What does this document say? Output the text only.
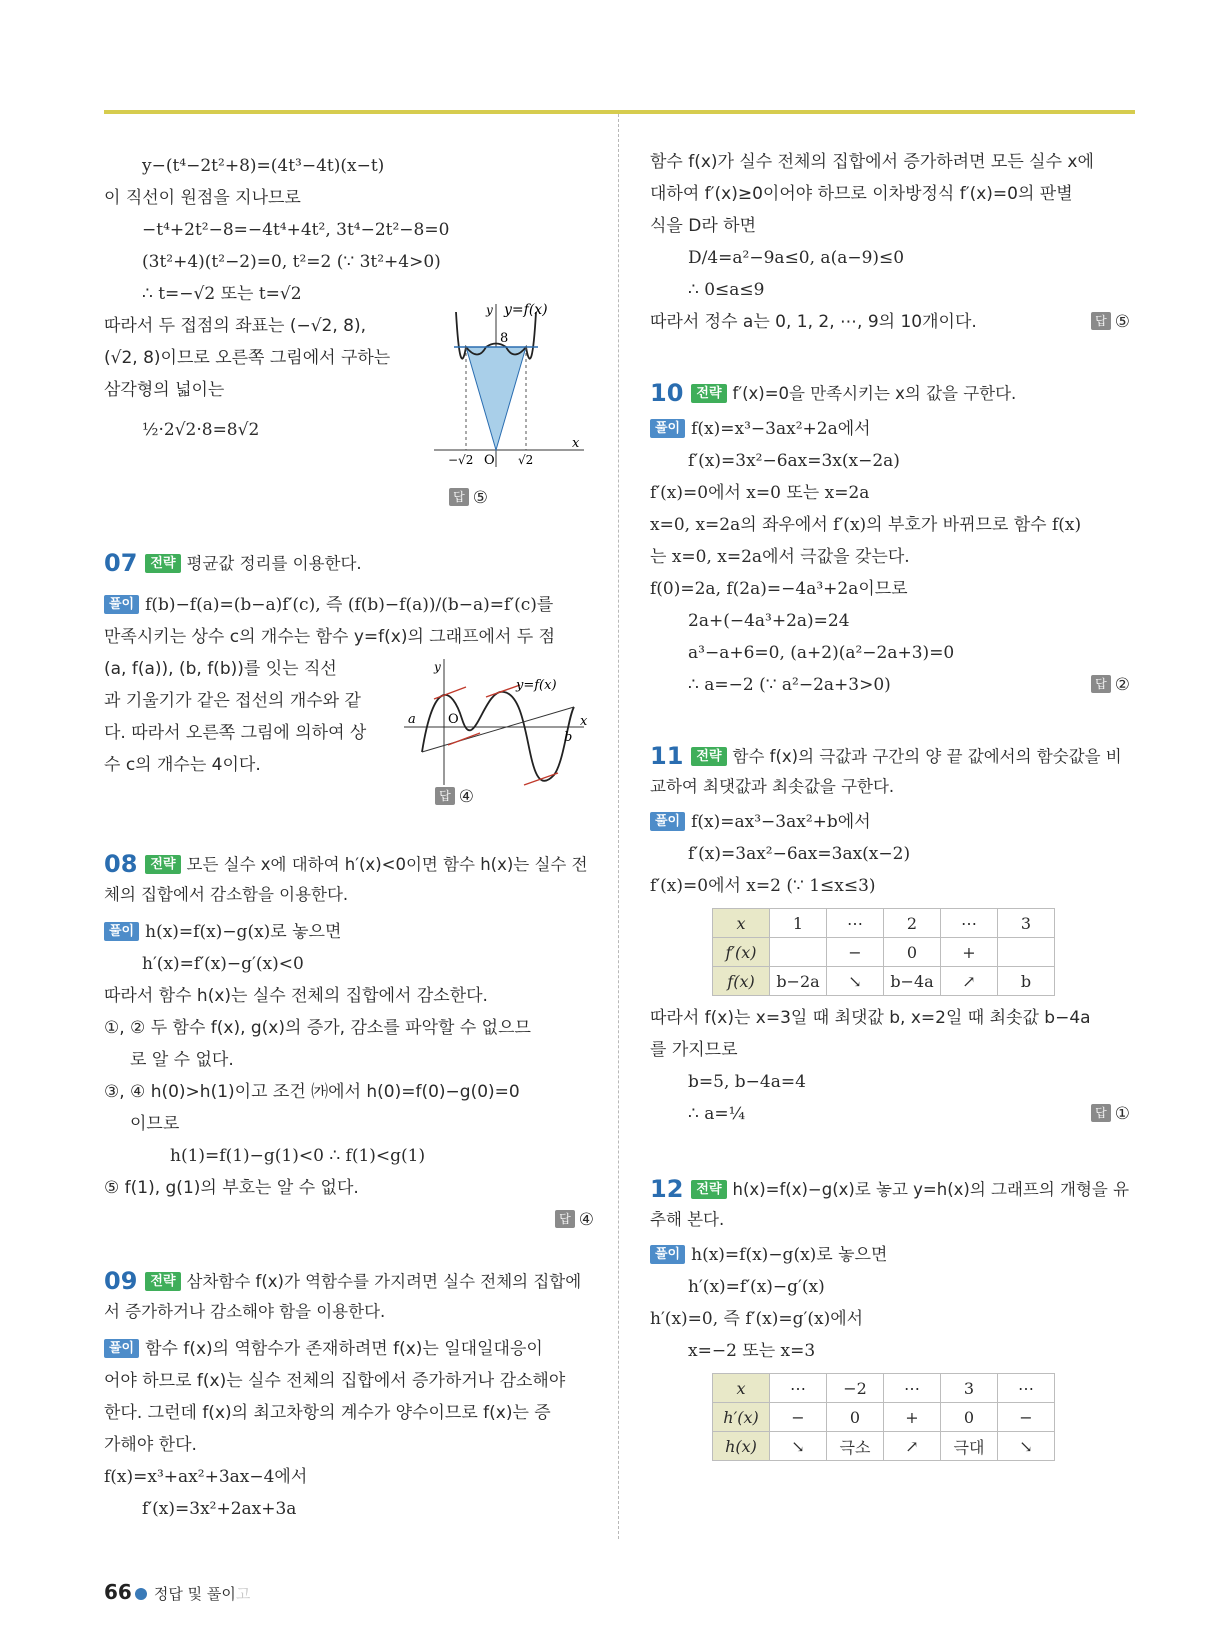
y−(t⁴−2t²+8)=(4t³−4t)(x−t)
이 직선이 원점을 지나므로
−t⁴+2t²−8=−4t⁴+4t², 3t⁴−2t²−8=0
(3t²+4)(t²−2)=0, t²=2 (∵ 3t²+4>0)
∴ t=−√2 또는 t=√2
따라서 두 접점의 좌표는 (−√2, 8),
(√2, 8)이므로 오른쪽 그림에서 구하는
삼각형의 넓이는
½·2√2·8=8√2
8
y y=f(x)
x
O
−√2	√2
답 ⑤
07 전략 평균값 정리를 이용한다.
풀이 f(b)−f(a)=(b−a)f′(c), 즉 (f(b)−f(a))/(b−a)=f′(c)를
만족시키는 상수 c의 개수는 함수 y=f(x)의 그래프에서 두 점
(a, f(a)), (b, f(b))를 잇는 직선
과 기울기가 같은 접선의 개수와 같
다. 따라서 오른쪽 그림에 의하여 상
수 c의 개수는 4이다.
y
y=f(x)
a O
b
x
답 ④
08 전략 모든 실수 x에 대하여 h′(x)<0이면 함수 h(x)는 실수 전체의 집합에서 감소함을 이용한다.
풀이 h(x)=f(x)−g(x)로 놓으면
h′(x)=f′(x)−g′(x)<0
따라서 함수 h(x)는 실수 전체의 집합에서 감소한다.
①, ② 두 함수 f(x), g(x)의 증가, 감소를 파악할 수 없으므
로 알 수 없다.
③, ④ h(0)>h(1)이고 조건 ㈎에서 h(0)=f(0)−g(0)=0
이므로
h(1)=f(1)−g(1)<0 ∴ f(1)<g(1)
⑤ f(1), g(1)의 부호는 알 수 없다.
답 ④
09 전략 삼차함수 f(x)가 역함수를 가지려면 실수 전체의 집합에서 증가하거나 감소해야 함을 이용한다.
풀이 함수 f(x)의 역함수가 존재하려면 f(x)는 일대일대응이
어야 하므로 f(x)는 실수 전체의 집합에서 증가하거나 감소해야
한다. 그런데 f(x)의 최고차항의 계수가 양수이므로 f(x)는 증
가해야 한다.
f(x)=x³+ax²+3ax−4에서
f′(x)=3x²+2ax+3a
함수 f(x)가 실수 전체의 집합에서 증가하려면 모든 실수 x에
대하여 f′(x)≥0이어야 하므로 이차방정식 f′(x)=0의 판별
식을 D라 하면
D/4=a²−9a≤0, a(a−9)≤0
∴ 0≤a≤9
따라서 정수 a는 0, 1, 2, ⋯, 9의 10개이다.	답 ⑤
10 전략 f′(x)=0을 만족시키는 x의 값을 구한다.
풀이 f(x)=x³−3ax²+2a에서
f′(x)=3x²−6ax=3x(x−2a)
f′(x)=0에서 x=0 또는 x=2a
x=0, x=2a의 좌우에서 f′(x)의 부호가 바뀌므로 함수 f(x)
는 x=0, x=2a에서 극값을 갖는다.
f(0)=2a, f(2a)=−4a³+2a이므로
2a+(−4a³+2a)=24
a³−a+6=0, (a+2)(a²−2a+3)=0
∴ a=−2 (∵ a²−2a+3>0)	답 ②
11 전략 함수 f(x)의 극값과 구간의 양 끝 값에서의 함숫값을 비교하여 최댓값과 최솟값을 구한다.
풀이 f(x)=ax³−3ax²+b에서
f′(x)=3ax²−6ax=3ax(x−2)
f′(x)=0에서 x=2 (∵ 1≤x≤3)
x	1	⋯	2	⋯	3
f′(x)		−	0	+	
f(x)	b−2a	↘	b−4a	↗	b
따라서 f(x)는 x=3일 때 최댓값 b, x=2일 때 최솟값 b−4a
를 가지므로
b=5, b−4a=4
∴ a=¼	답 ①
12 전략 h(x)=f(x)−g(x)로 놓고 y=h(x)의 그래프의 개형을 유추해 본다.
풀이 h(x)=f(x)−g(x)로 놓으면
h′(x)=f′(x)−g′(x)
h′(x)=0, 즉 f′(x)=g′(x)에서
x=−2 또는 x=3
x	⋯	−2	⋯	3	⋯
h′(x)	−	0	+	0	−
h(x)	↘	극소	↗	극대	↘
66 정답 및 풀이고
